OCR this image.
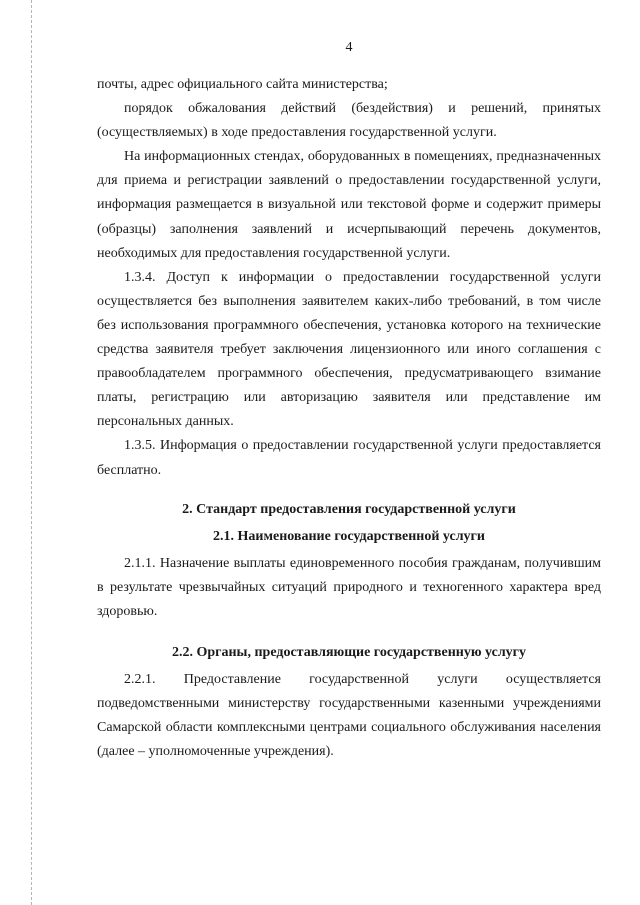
4

почты, адрес официального сайта министерства;

порядок обжалования действий (бездействия) и решений, принятых (осуществляемых) в ходе предоставления государственной услуги.

На информационных стендах, оборудованных в помещениях, предназначенных для приема и регистрации заявлений о предоставлении государственной услуги, информация размещается в визуальной или текстовой форме и содержит примеры (образцы) заполнения заявлений и исчерпывающий перечень документов, необходимых для предоставления государственной услуги.

1.3.4. Доступ к информации о предоставлении государственной услуги осуществляется без выполнения заявителем каких-либо требований, в том числе без использования программного обеспечения, установка которого на технические средства заявителя требует заключения лицензионного или иного соглашения с правообладателем программного обеспечения, предусматривающего взимание платы, регистрацию или авторизацию заявителя или представление им персональных данных.

1.3.5. Информация о предоставлении государственной услуги предоставляется бесплатно.

2. Стандарт предоставления государственной услуги
2.1. Наименование государственной услуги

2.1.1. Назначение выплаты единовременного пособия гражданам, получившим в результате чрезвычайных ситуаций природного и техногенного характера вред здоровью.

2.2. Органы, предоставляющие государственную услугу

2.2.1. Предоставление государственной услуги осуществляется подведомственными министерству государственными казенными учреждениями Самарской области комплексными центрами социального обслуживания населения (далее – уполномоченные учреждения).
